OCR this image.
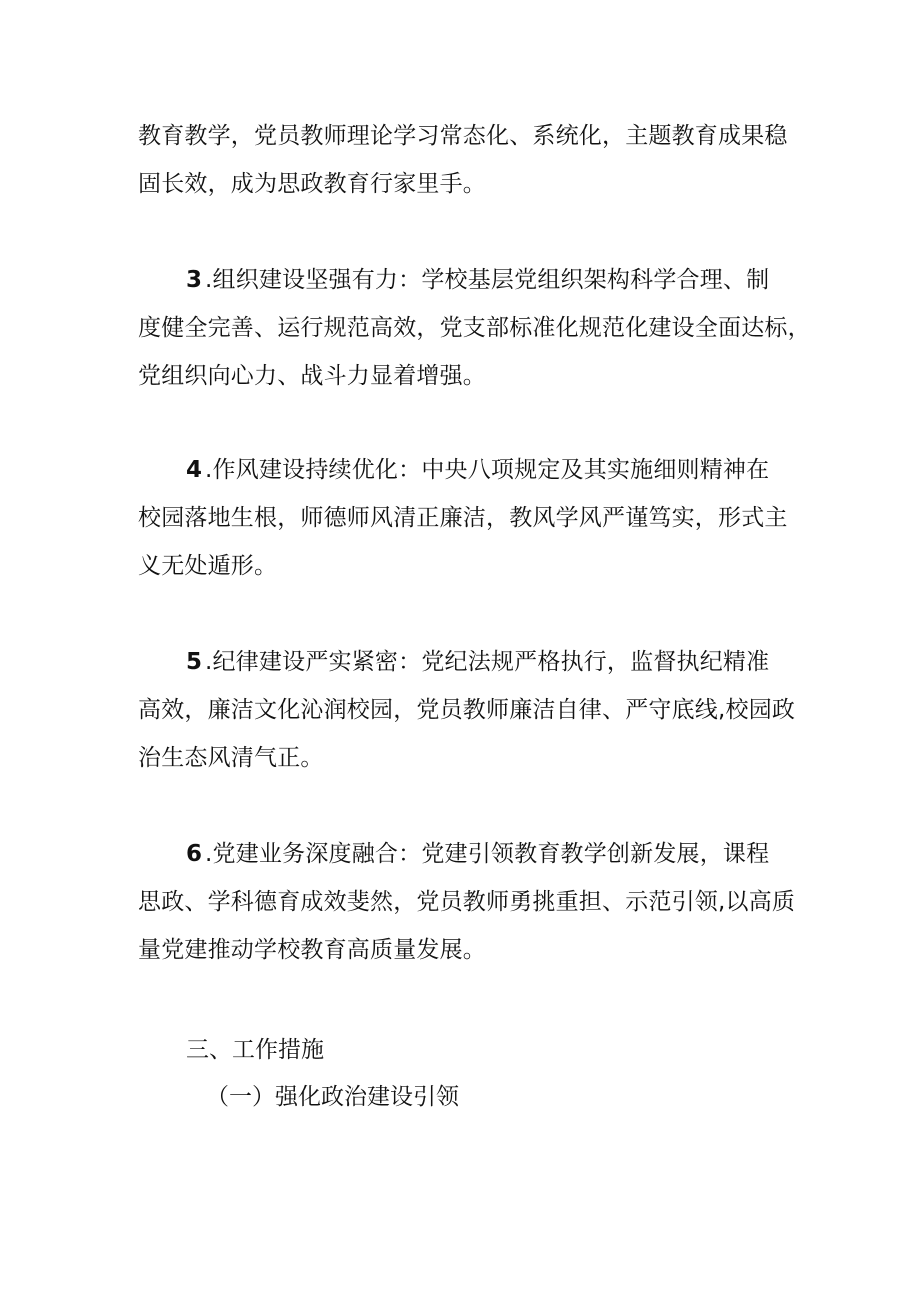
教育教学，党员教师理论学习常态化、系统化，主题教育成果稳
固长效，成为思政教育行家里手。
3.组织建设坚强有力：学校基层党组织架构科学合理、制
度健全完善、运行规范高效，党支部标准化规范化建设全面达标，
党组织向心力、战斗力显着增强。
4.作风建设持续优化：中央八项规定及其实施细则精神在
校园落地生根，师德师风清正廉洁，教风学风严谨笃实，形式主
义无处遁形。
5.纪律建设严实紧密：党纪法规严格执行，监督执纪精准
高效，廉洁文化沁润校园，党员教师廉洁自律、严守底线,校园政
治生态风清气正。
6.党建业务深度融合：党建引领教育教学创新发展，课程
思政、学科德育成效斐然，党员教师勇挑重担、示范引领,以高质
量党建推动学校教育高质量发展。
三、工作措施
（一）强化政治建设引领
